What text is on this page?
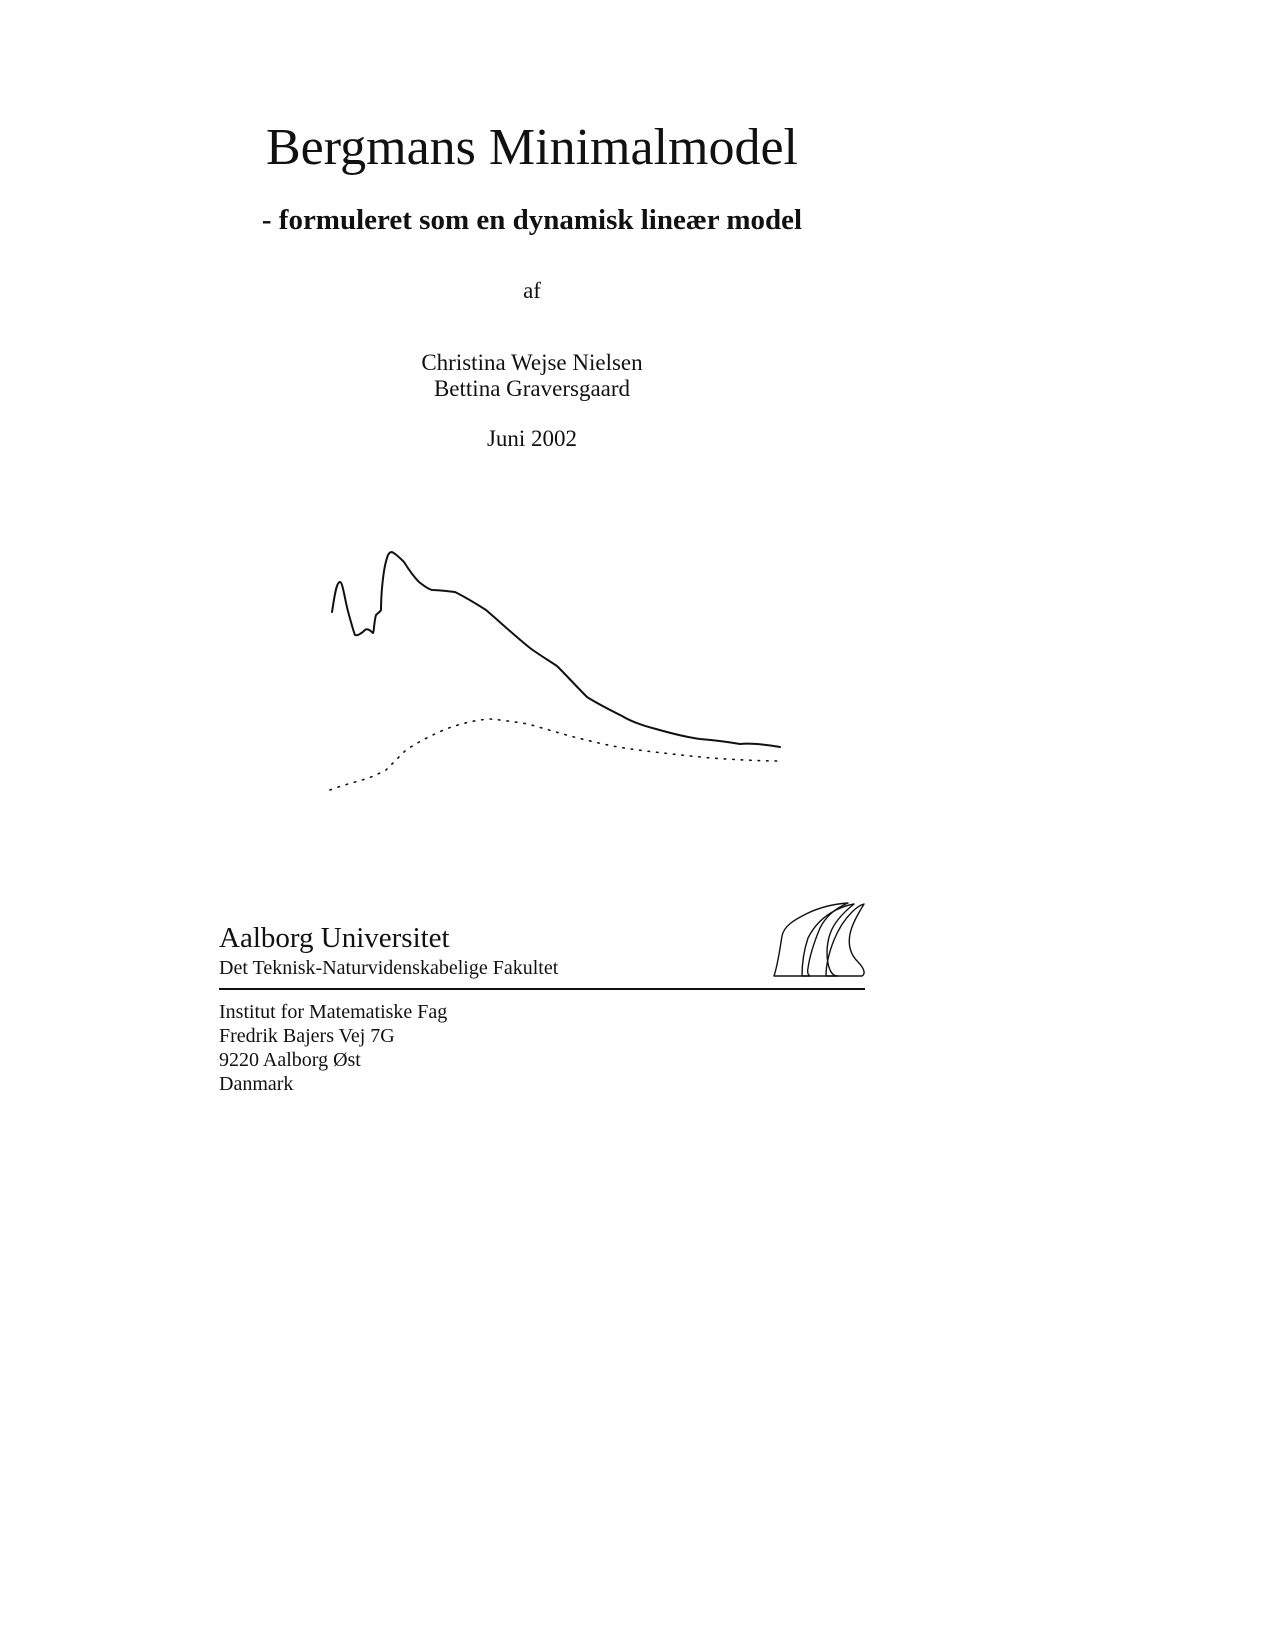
Bergmans Minimalmodel
- formuleret som en dynamisk lineær model
af
Christina Wejse Nielsen
Bettina Graversgaard
Juni 2002
Aalborg Universitet
Det Teknisk-Naturvidenskabelige Fakultet
Institut for Matematiske Fag
Fredrik Bajers Vej 7G
9220 Aalborg Øst
Danmark
